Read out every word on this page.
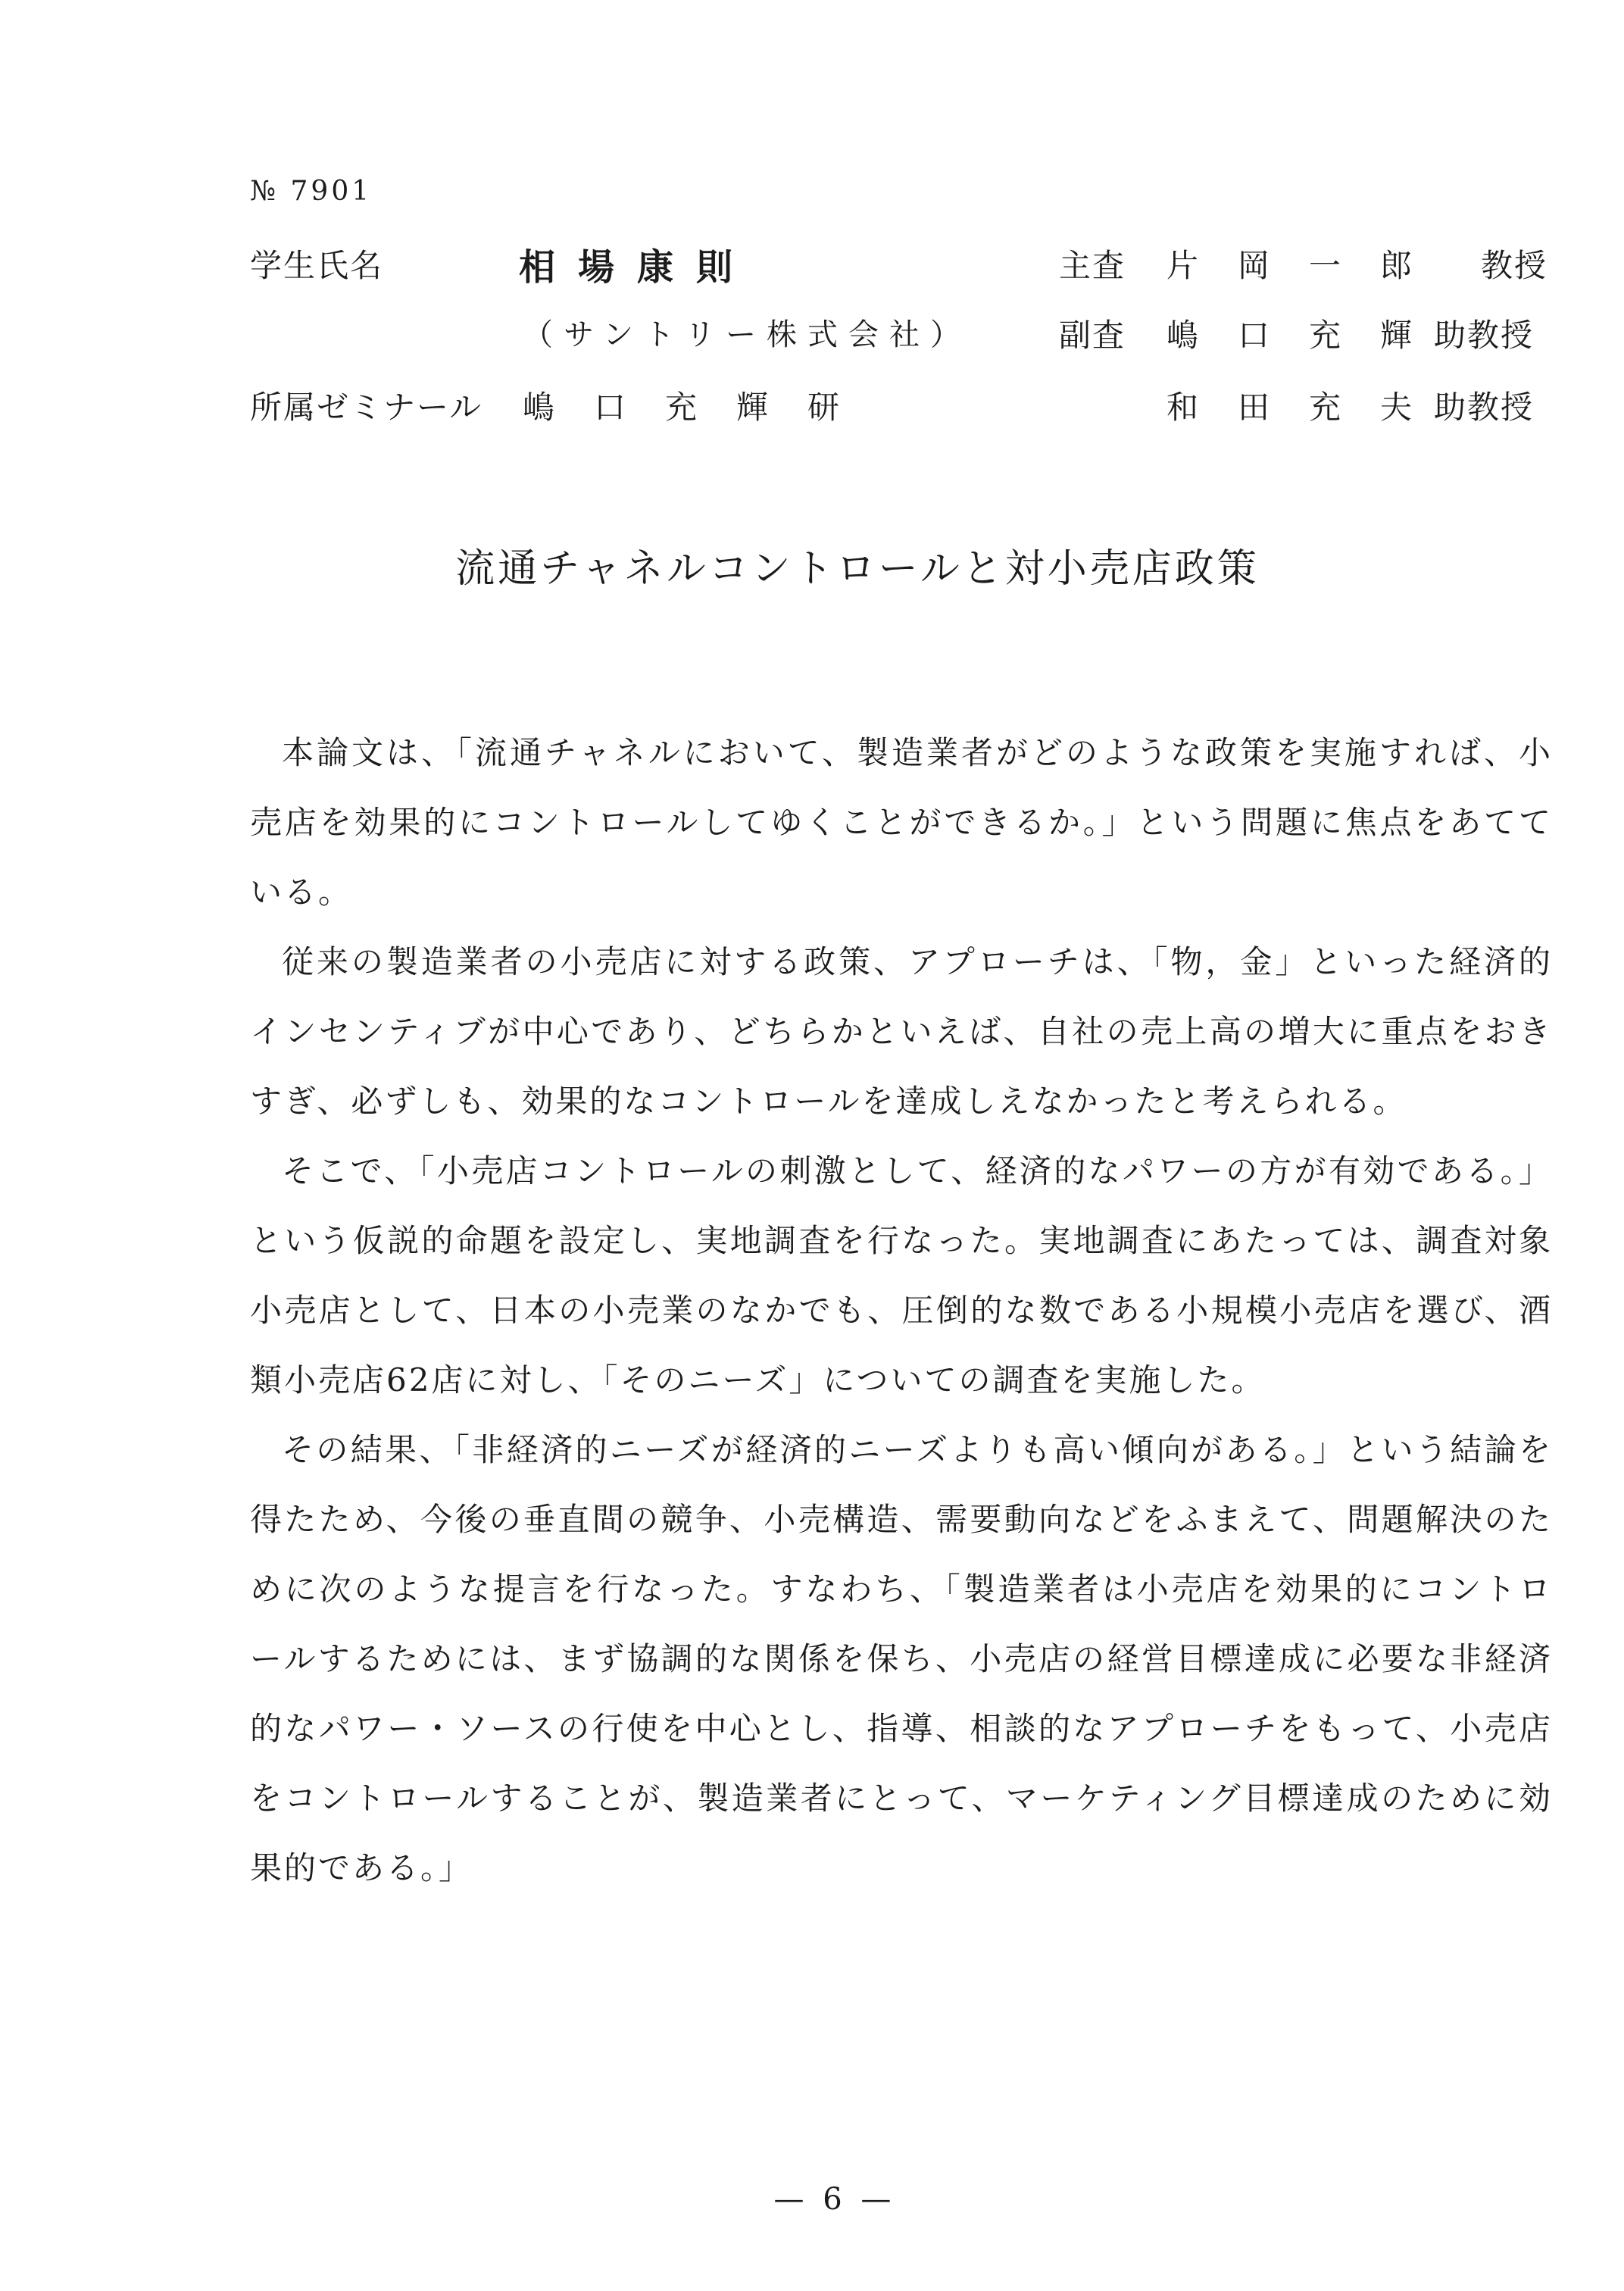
№ 7901
学生氏名	相場康則
（サントリー株式会社）
所属ゼミナール 嶋口充輝研
主査 片岡一郎 教授
副査 嶋口充輝
助教授
和田充夫
助教授
流通チャネルコントロールと対小売店政策

本論文は、「流通チャネルにおいて、製造業者がどのような政策を実施すれば、小売店を効果的にコントロールしてゆくことができるか。」という問題に焦点をあてている。

従来の製造業者の小売店に対する政策、アプローチは、「物，金」といった経済的インセンティブが中心であり、どちらかといえば、自社の売上高の増大に重点をおきすぎ、必ずしも、効果的なコントロールを達成しえなかったと考えられる。

そこで、「小売店コントロールの刺激として、経済的なパワーの方が有効である。」という仮説的命題を設定し、実地調査を行なった。実地調査にあたっては、調査対象小売店として、日本の小売業のなかでも、圧倒的な数である小規模小売店を選び、酒類小売店62店に対し、「そのニーズ」についての調査を実施した。

その結果、「非経済的ニーズが経済的ニーズよりも高い傾向がある。」という結論を得たため、今後の垂直間の競争、小売構造、需要動向などをふまえて、問題解決のために次のような提言を行なった。すなわち、「製造業者は小売店を効果的にコントロールするためには、まず協調的な関係を保ち、小売店の経営目標達成に必要な非経済的なパワー・ソースの行使を中心とし、指導、相談的なアプローチをもって、小売店をコントロールすることが、製造業者にとって、マーケティング目標達成のために効果的である。」

— 6 —
